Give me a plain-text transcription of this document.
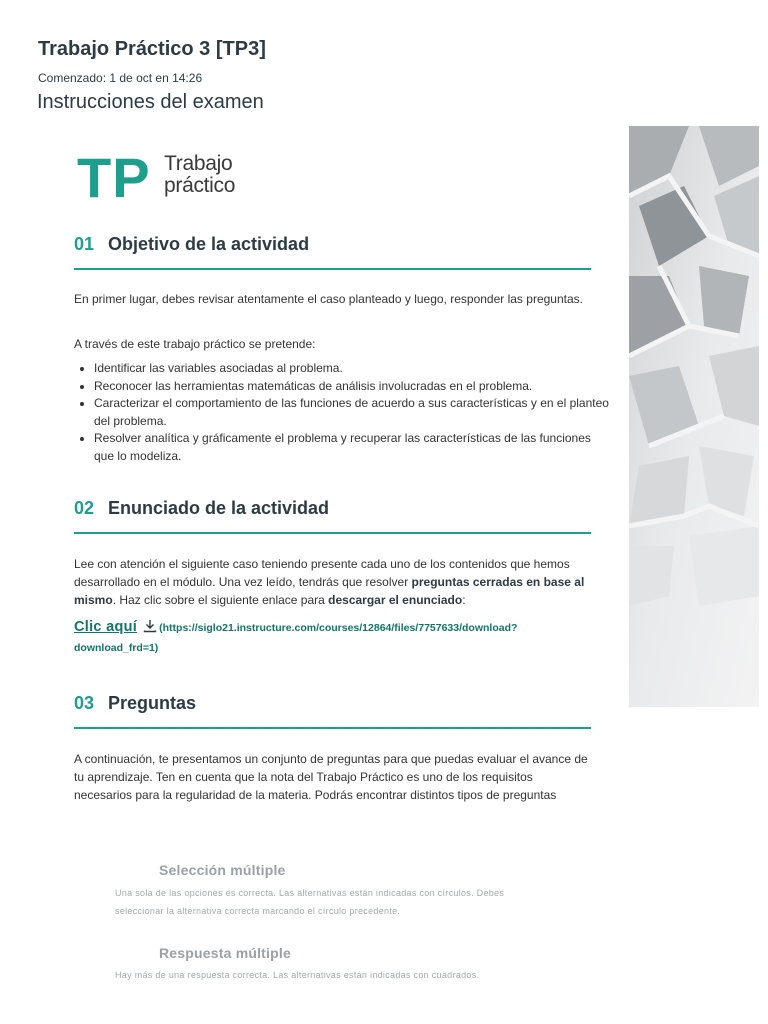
Trabajo Práctico 3 [TP3]
Comenzado: 1 de oct en 14:26
Instrucciones del examen
TP Trabajo
práctico
01 Objetivo de la actividad

En primer lugar, debes revisar atentamente el caso planteado y luego, responder las preguntas.

A través de este trabajo práctico se pretende:

• Identificar las variables asociadas al problema.
• Reconocer las herramientas matemáticas de análisis involucradas en el problema.
• Caracterizar el comportamiento de las funciones de acuerdo a sus características y en el planteo del problema.
• Resolver analítica y gráficamente el problema y recuperar las características de las funciones que lo modeliza.
02 Enunciado de la actividad

Lee con atención el siguiente caso teniendo presente cada uno de los contenidos que hemos desarrollado en el módulo. Una vez leído, tendrás que resolver preguntas cerradas en base al mismo. Haz clic sobre el siguiente enlace para descargar el enunciado:

Clic aquí (https://siglo21.instructure.com/courses/12864/files/7757633/download?download_frd=1)
03 Preguntas

A continuación, te presentamos un conjunto de preguntas para que puedas evaluar el avance de tu aprendizaje. Ten en cuenta que la nota del Trabajo Práctico es uno de los requisitos necesarios para la regularidad de la materia. Podrás encontrar distintos tipos de preguntas

Selección múltiple
Una sola de las opciones es correcta. Las alternativas están indicadas con círculos. Debes seleccionar la alternativa correcta marcando el círculo precedente.
Respuesta múltiple
Hay más de una respuesta correcta. Las alternativas están indicadas con cuadrados.
